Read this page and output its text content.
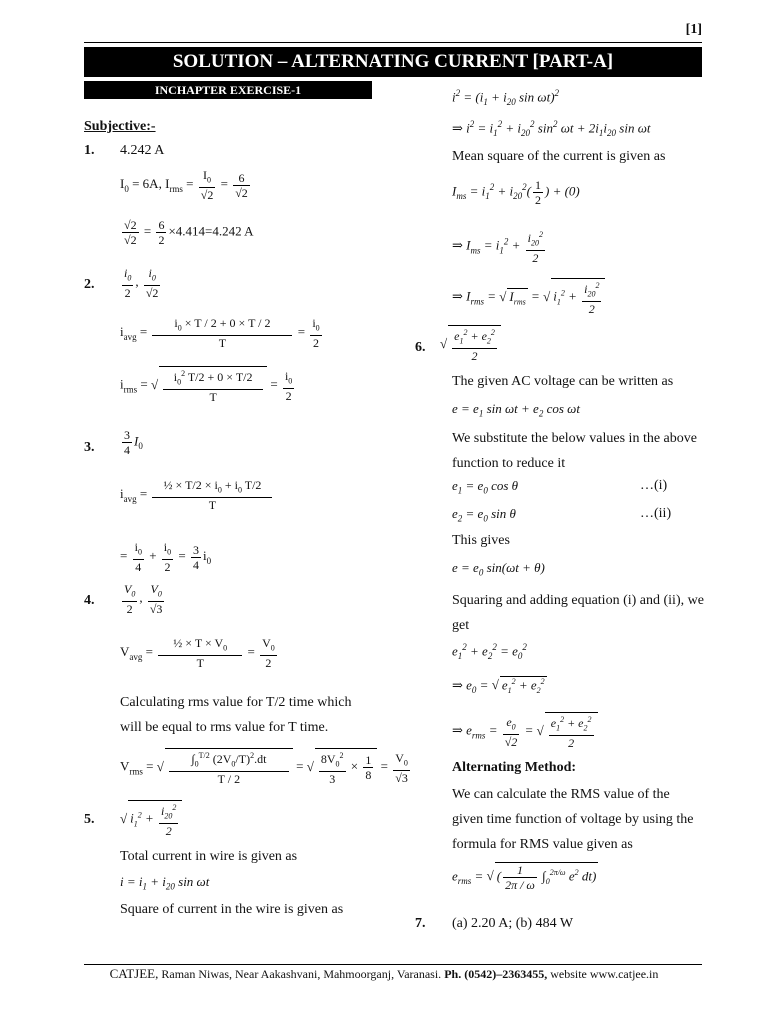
[1]
SOLUTION – ALTERNATING CURRENT [PART-A]
INCHAPTER EXERCISE-1
Subjective:-
1. 4.242 A
$I_0 = 6A$, $I_{rms} = \frac{I_0}{√2} = \frac{6}{√2}$
$\frac{√2}{√2} = \frac{6}{2} \times 4.414=4.242$ A
2. $\frac{i_0}{2}$ , $\frac{i_0}{√2}$
$i_{avg} = \frac{i_0 \times T / 2 + 0 \times T / 2}{T} = \frac{i_0}{2}$
$i_{rms}$ = √ $\frac{i_0^2 T/2 + 0 \times T/2}{T} = \frac{i_0}{2}$
3. $\frac{3}{4} I_0$
$i_{avg} = \frac{\frac{1}{2} \times T/2 \times i_0 + i_0 T/2}{T}$
= $\frac{i_0}{4} + \frac{i_0}{2} = \frac{3}{4} i_0$
4. $\frac{V_0}{2}$ , $\frac{V_0}{√3}$
$V_{avg} = \frac{\frac{1}{2} \times T \times V_0}{T} = \frac{V_0}{2}$
Calculating rms value for T/2 time which will be equal to rms value for T time.
$V_{rms}$ = √ $\frac{\int_0^{T/2} (2V_0/T)^2.dt}{T / 2}$ = √ $\frac{8V_0^2}{3} \times \frac{1}{8} = \frac{V_0}{√3}$
5. √	$i_1^2 + \frac{i_{20}^2}{2}$
Total current in wire is given as
$i = i_1 + i_{20}$ sin ωt
Square of current in the wire is given as
$i^2 = (i_1 + i_{20}$ sin ωt)$^2$
⇒ $i^2 = i_1^2 + i_{20}^2$ $\sin^2 \omega t + 2i_1i_{20}$ sin ωt
Mean square of the current is given as
$I_{ms} = i_1^2 + i_{20}^2( \frac{1}{2}$ ) + (0)
⇒ $I_{ms} = i_1^2 + \frac{i_{20}^2}{2}$
⇒ $I_{rms}$ = √ $I_{rms}$ = √ $i_1^2 + \frac{i_{20}^2}{2}$
6. √ $\frac{e_1^2 + e_2^2}{2}$
The given AC voltage can be written as
$e = e_1$ $\sin \omega t + e_2$ cos ωt
We substitute the below values in the above function to reduce it
$e_1 = e_0$ cos θ	…(i)
$e_2 = e_0$ sin θ	…(ii)
This gives
$e = e_0$ sin(ωt + θ)
Squaring and adding equation (i) and (ii), we get
$e_1^2 + e_2^2 = e_0^2$
⇒ $e_0$ = √ $e_1^2 + e_2^2$
⇒ $e_{rms} = \frac{e_0}{√2}$ = √ $\frac{e_1^2 + e_2^2}{2}$
Alternating Method:
We can calculate the RMS value of the given time function of voltage by using the formula for RMS value given as
$e_{rms}$ = √ ( $\frac{1}{2\pi / \omega} \int_0^{2\pi/\omega}$ $e^2$ dt)
7. (a) 2.20 A; (b) 484 W
CATJEE, Raman Niwas, Near Aakashvani, Mahmoorganj, Varanasi. Ph. (0542)–2363455, website www.catjee.in
